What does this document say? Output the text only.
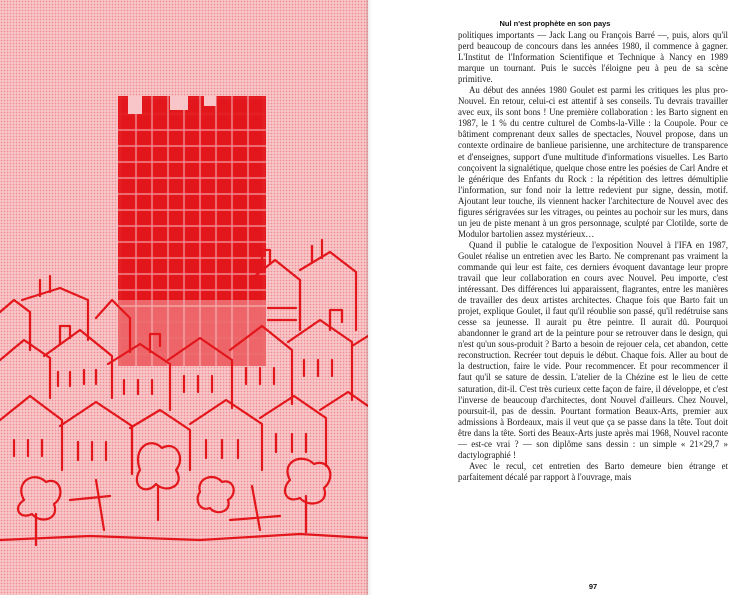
Nul n'est prophète en son pays

politiques importants — Jack Lang ou François Barré —, puis, alors qu'il perd beaucoup de concours dans les années 1980, il commence à gagner. L'Institut de l'Information Scientifique et Technique à Nancy en 1989 marque un tournant. Puis le succès l'éloigne peu à peu de sa scène primitive.

Au début des années 1980 Goulet est parmi les critiques les plus pro-Nouvel. En retour, celui-ci est attentif à ses conseils. Tu devrais travailler avec eux, ils sont bons ! Une première collaboration : les Barto signent en 1987, le 1 % du centre culturel de Combs-la-Ville : la Coupole. Pour ce bâtiment comprenant deux salles de spectacles, Nouvel propose, dans un contexte ordinaire de banlieue parisienne, une architecture de transparence et d'enseignes, support d'une multitude d'informations visuelles. Les Barto conçoivent la signalétique, quelque chose entre les poésies de Carl Andre et le générique des Enfants du Rock : la répétition des lettres démultiplie l'information, sur fond noir la lettre redevient pur signe, dessin, motif. Ajoutant leur touche, ils viennent hacker l'architecture de Nouvel avec des figures sérigravées sur les vitrages, ou peintes au pochoir sur les murs, dans un jeu de piste menant à un gros personnage, sculpté par Clotilde, sorte de Modulor bartolien assez mystérieux…

Quand il publie le catalogue de l'exposition Nouvel à l'IFA en 1987, Goulet réalise un entretien avec les Barto. Ne comprenant pas vraiment la commande qui leur est faite, ces derniers évoquent davantage leur propre travail que leur collaboration en cours avec Nouvel. Peu importe, c'est intéressant. Des différences lui apparaissent, flagrantes, entre les manières de travailler des deux artistes architectes. Chaque fois que Barto fait un projet, explique Goulet, il faut qu'il réoublie son passé, qu'il redétruise sans cesse sa jeunesse. Il aurait pu être peintre. Il aurait dû. Pourquoi abandonner le grand art de la peinture pour se retrouver dans le design, qui n'est qu'un sous-produit ? Barto a besoin de rejouer cela, cet abandon, cette reconstruction. Recréer tout depuis le début. Chaque fois. Aller au bout de la destruction, faire le vide. Pour recommencer. Et pour recommencer il faut qu'il se sature de dessin. L'atelier de la Chézine est le lieu de cette saturation, dit-il. C'est très curieux cette façon de faire, il développe, et c'est l'inverse de beaucoup d'architectes, dont Nouvel d'ailleurs. Chez Nouvel, poursuit-il, pas de dessin. Pourtant formation Beaux-Arts, premier aux admissions à Bordeaux, mais il veut que ça se passe dans la tête. Tout doit être dans la tête. Sorti des Beaux-Arts juste après mai 1968, Nouvel raconte — est-ce vrai ? — son diplôme sans dessin : un simple « 21×29,7 » dactylographié !

Avec le recul, cet entretien des Barto demeure bien étrange et parfaitement décalé par rapport à l'ouvrage, mais

97
